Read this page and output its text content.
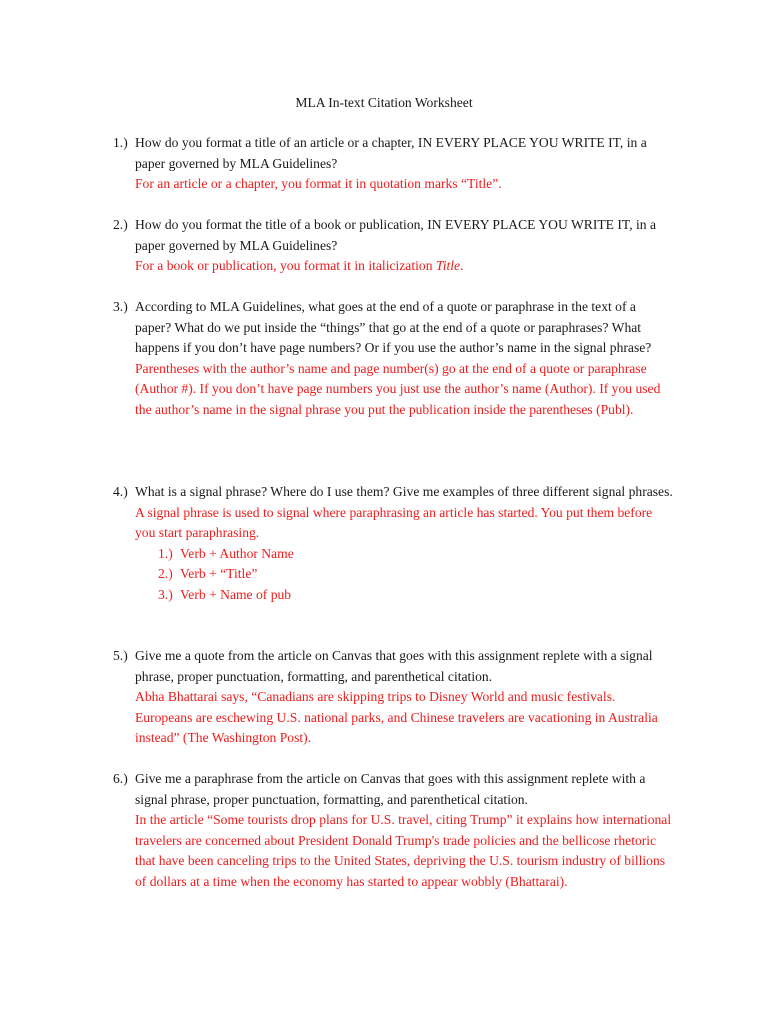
MLA In-text Citation Worksheet
1.) How do you format a title of an article or a chapter, IN EVERY PLACE YOU WRITE IT, in a paper governed by MLA Guidelines?
For an article or a chapter, you format it in quotation marks “Title”.
2.) How do you format the title of a book or publication, IN EVERY PLACE YOU WRITE IT, in a paper governed by MLA Guidelines?
For a book or publication, you format it in italicization Title.
3.) According to MLA Guidelines, what goes at the end of a quote or paraphrase in the text of a paper? What do we put inside the “things” that go at the end of a quote or paraphrases? What happens if you don’t have page numbers? Or if you use the author’s name in the signal phrase?
Parentheses with the author’s name and page number(s) go at the end of a quote or paraphrase (Author #). If you don’t have page numbers you just use the author’s name (Author). If you used the author’s name in the signal phrase you put the publication inside the parentheses (Publ).
4.) What is a signal phrase? Where do I use them? Give me examples of three different signal phrases.
A signal phrase is used to signal where paraphrasing an article has started. You put them before you start paraphrasing.
1.) Verb + Author Name
2.) Verb + “Title”
3.) Verb + Name of pub
5.) Give me a quote from the article on Canvas that goes with this assignment replete with a signal phrase, proper punctuation, formatting, and parenthetical citation.
Abha Bhattarai says, “Canadians are skipping trips to Disney World and music festivals. Europeans are eschewing U.S. national parks, and Chinese travelers are vacationing in Australia instead” (The Washington Post).
6.) Give me a paraphrase from the article on Canvas that goes with this assignment replete with a signal phrase, proper punctuation, formatting, and parenthetical citation.
In the article “Some tourists drop plans for U.S. travel, citing Trump” it explains how international travelers are concerned about President Donald Trump's trade policies and the bellicose rhetoric that have been canceling trips to the United States, depriving the U.S. tourism industry of billions of dollars at a time when the economy has started to appear wobbly (Bhattarai).
